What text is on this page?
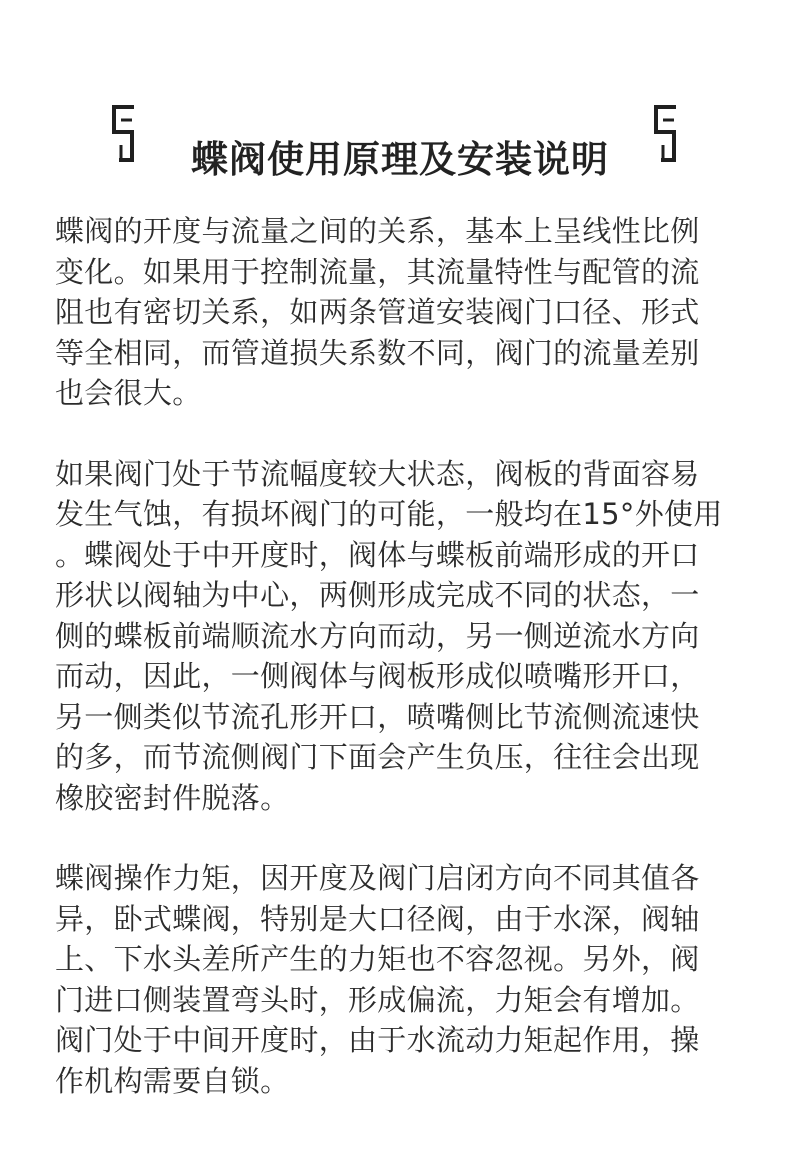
蝶阀使用原理及安装说明

蝶阀的开度与流量之间的关系，基本上呈线性比例
变化。如果用于控制流量，其流量特性与配管的流
阻也有密切关系，如两条管道安装阀门口径、形式
等全相同，而管道损失系数不同，阀门的流量差别
也会很大。

如果阀门处于节流幅度较大状态，阀板的背面容易
发生气蚀，有损坏阀门的可能，一般均在15°外使用
。蝶阀处于中开度时，阀体与蝶板前端形成的开口
形状以阀轴为中心，两侧形成完成不同的状态，一
侧的蝶板前端顺流水方向而动，另一侧逆流水方向
而动，因此，一侧阀体与阀板形成似喷嘴形开口，
另一侧类似节流孔形开口，喷嘴侧比节流侧流速快
的多，而节流侧阀门下面会产生负压，往往会出现
橡胶密封件脱落。

蝶阀操作力矩，因开度及阀门启闭方向不同其值各
异，卧式蝶阀，特别是大口径阀，由于水深，阀轴
上、下水头差所产生的力矩也不容忽视。另外，阀
门进口侧装置弯头时，形成偏流，力矩会有增加。
阀门处于中间开度时，由于水流动力矩起作用，操
作机构需要自锁。
